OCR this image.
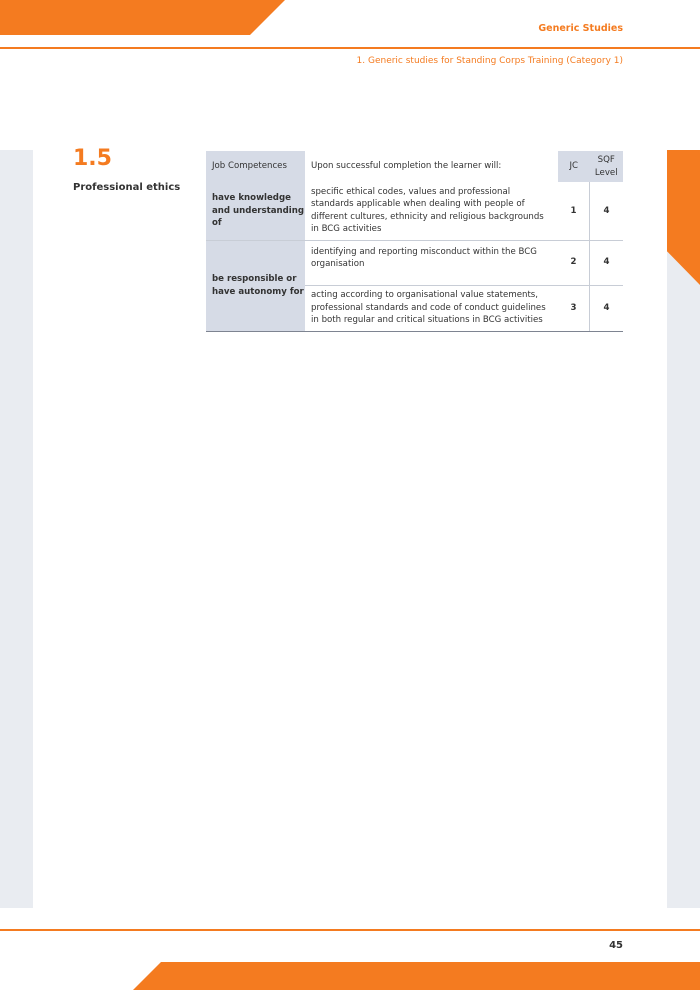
Generic Studies
1. Generic studies for Standing Corps Training (Category 1)
1.5
Professional ethics
Job Competences	Upon successful completion the learner will:	JC	SQF
Level

have knowledge and understanding of	specific ethical codes, values and professional standards applicable when dealing with people of different cultures, ethnicity and religious backgrounds in BCG activities	1	4
be responsible or have autonomy for	identifying and reporting misconduct within the BCG organisation	2	4
	acting according to organisational value statements, professional standards and code of conduct guidelines in both regular and critical situations in BCG activities	3	4
45
